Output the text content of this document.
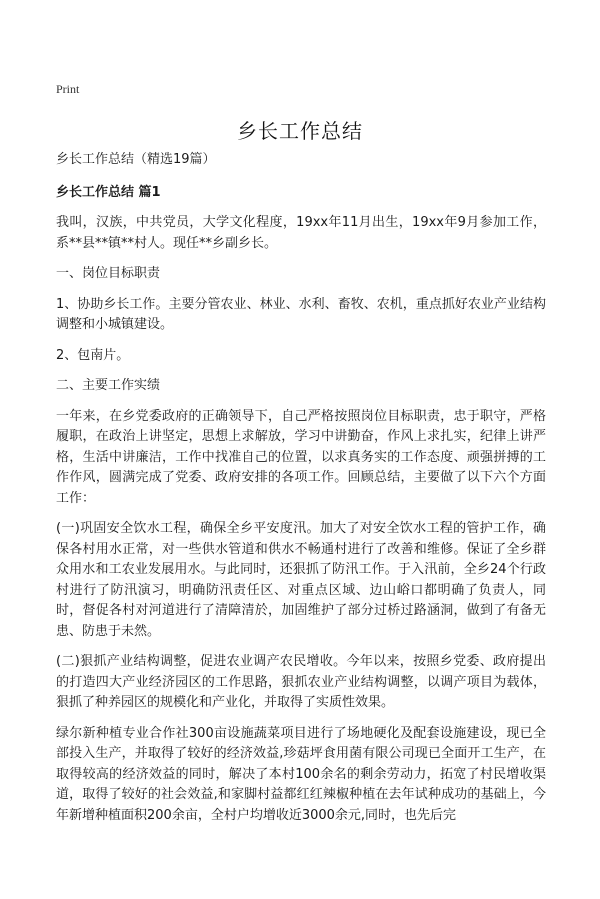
Print
乡长工作总结

乡长工作总结（精选19篇）

乡长工作总结 篇1

我叫，汉族，中共党员，大学文化程度，19xx年11月出生，19xx年9月参加工作，系**县**镇**村人。现任**乡副乡长。

一、岗位目标职责

1、协助乡长工作。主要分管农业、林业、水利、畜牧、农机，重点抓好农业产业结构调整和小城镇建设。

2、包南片。

二、主要工作实绩

一年来，在乡党委政府的正确领导下，自己严格按照岗位目标职责，忠于职守，严格履职，在政治上讲坚定，思想上求解放，学习中讲勤奋，作风上求扎实，纪律上讲严格，生活中讲廉洁，工作中找准自己的位置，以求真务实的工作态度、顽强拼搏的工作作风，圆满完成了党委、政府安排的各项工作。回顾总结，主要做了以下六个方面工作：

(一)巩固安全饮水工程，确保全乡平安度汛。加大了对安全饮水工程的管护工作，确保各村用水正常，对一些供水管道和供水不畅通村进行了改善和维修。保证了全乡群众用水和工农业发展用水。与此同时，还狠抓了防汛工作。于入汛前，全乡24个行政村进行了防汛演习，明确防汛责任区、对重点区域、边山峪口都明确了负责人，同时，督促各村对河道进行了清障清於，加固维护了部分过桥过路涵洞，做到了有备无患、防患于未然。

(二)狠抓产业结构调整，促进农业调产农民增收。今年以来，按照乡党委、政府提出的打造四大产业经济园区的工作思路，狠抓农业产业结构调整，以调产项目为载体，狠抓了种养园区的规模化和产业化，并取得了实质性效果。

绿尔新种植专业合作社300亩设施蔬菜项目进行了场地硬化及配套设施建设，现已全部投入生产，并取得了较好的经济效益,珍菇坪食用菌有限公司现已全面开工生产，在取得较高的经济效益的同时，解决了本村100余名的剩余劳动力，拓宽了村民增收渠道，取得了较好的社会效益,和家脚村益都红红辣椒种植在去年试种成功的基础上，今年新增种植面积200余亩，全村户均增收近3000余元,同时，也先后完
